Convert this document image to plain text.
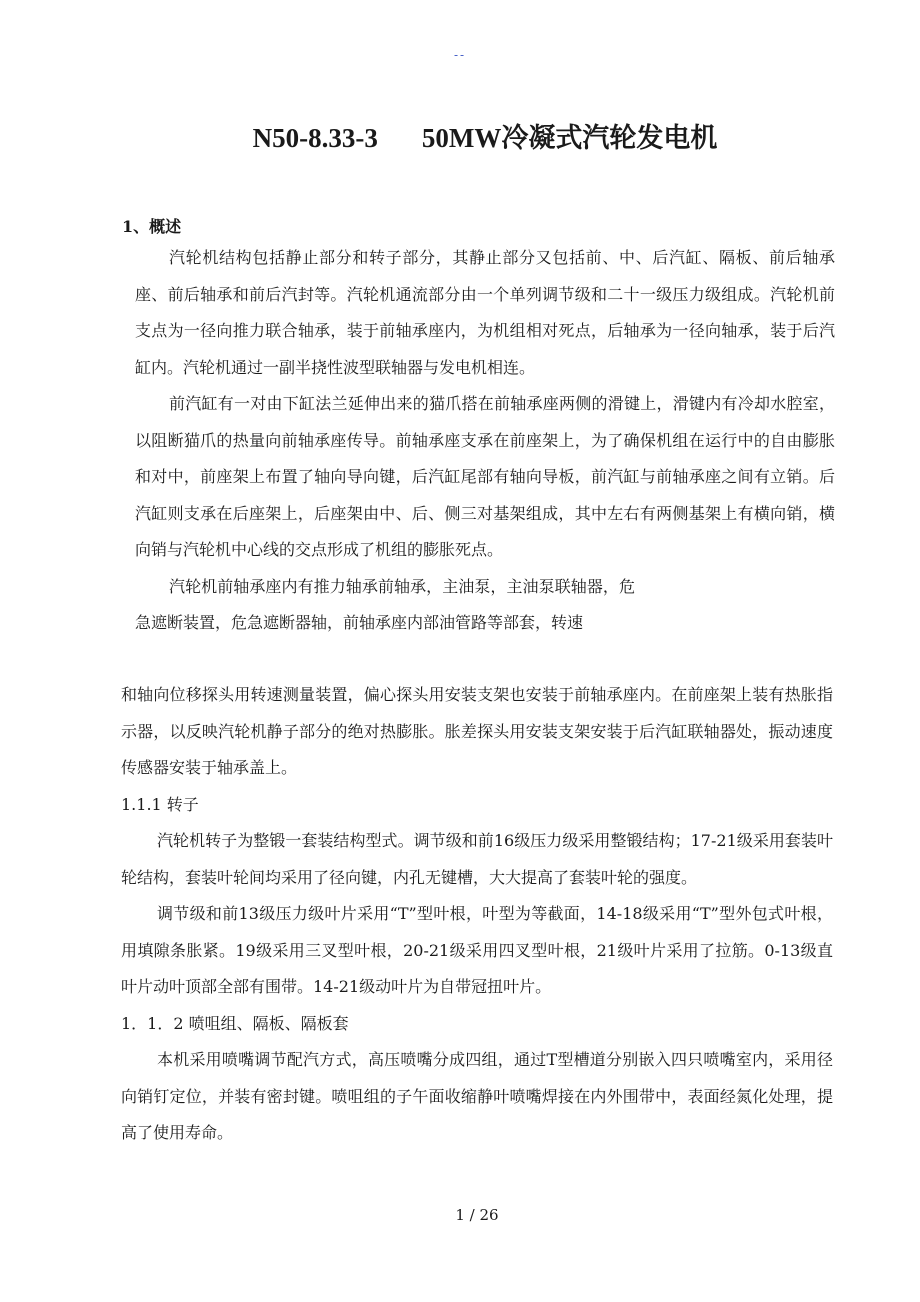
--
N50-8.33-3 50MW冷凝式汽轮发电机
1、概述

汽轮机结构包括静止部分和转子部分，其静止部分又包括前、中、后汽缸、隔板、前后轴承座、前后轴承和前后汽封等。汽轮机通流部分由一个单列调节级和二十一级压力级组成。汽轮机前支点为一径向推力联合轴承，装于前轴承座内，为机组相对死点，后轴承为一径向轴承，装于后汽缸内。汽轮机通过一副半挠性波型联轴器与发电机相连。

前汽缸有一对由下缸法兰延伸出来的猫爪搭在前轴承座两侧的滑键上，滑键内有冷却水腔室，以阻断猫爪的热量向前轴承座传导。前轴承座支承在前座架上，为了确保机组在运行中的自由膨胀和对中，前座架上布置了轴向导向键，后汽缸尾部有轴向导板，前汽缸与前轴承座之间有立销。后汽缸则支承在后座架上，后座架由中、后、侧三对基架组成，其中左右有两侧基架上有横向销，横向销与汽轮机中心线的交点形成了机组的膨胀死点。

汽轮机前轴承座内有推力轴承前轴承，主油泵，主油泵联轴器，危急遮断装置，危急遮断器轴，前轴承座内部油管路等部套，转速

和轴向位移探头用转速测量装置，偏心探头用安装支架也安装于前轴承座内。在前座架上装有热胀指示器，以反映汽轮机静子部分的绝对热膨胀。胀差探头用安装支架安装于后汽缸联轴器处，振动速度传感器安装于轴承盖上。

1.1.1 转子

汽轮机转子为整锻一套装结构型式。调节级和前16级压力级采用整锻结构；17-21级采用套装叶轮结构，套装叶轮间均采用了径向键，内孔无键槽，大大提高了套装叶轮的强度。

调节级和前13级压力级叶片采用“T”型叶根，叶型为等截面，14-18级采用“T”型外包式叶根，用填隙条胀紧。19级采用三叉型叶根，20-21级采用四叉型叶根，21级叶片采用了拉筋。0-13级直叶片动叶顶部全部有围带。14-21级动叶片为自带冠扭叶片。

1．1．2 喷咀组、隔板、隔板套

本机采用喷嘴调节配汽方式，高压喷嘴分成四组，通过T型槽道分别嵌入四只喷嘴室内，采用径向销钉定位，并装有密封键。喷咀组的子午面收缩静叶喷嘴焊接在内外围带中，表面经氮化处理，提高了使用寿命。

1 / 26
